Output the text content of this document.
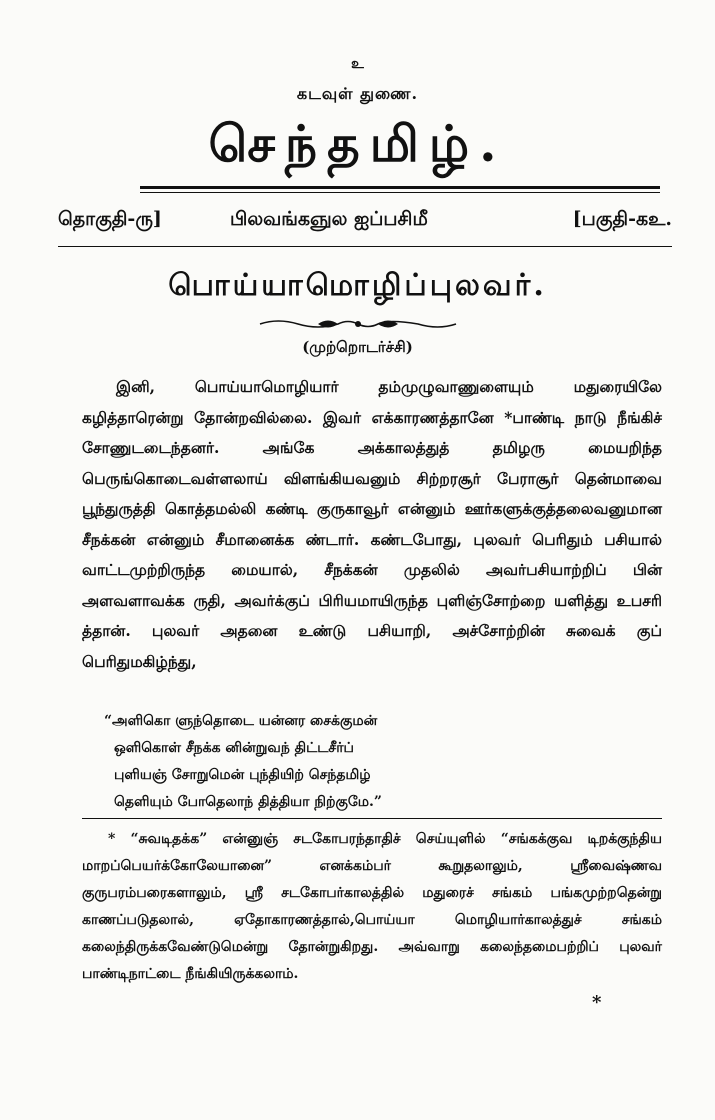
உ
கடவுள் துணை.
செந்தமிழ்.
தொகுதி-ரு]	பிலவங்கஞுல ஐப்பசிமீ	[பகுதி-கஉ.
பொய்யாமொழிப்புலவர்.
(முற்றொடர்ச்சி)

இனி, பொய்யாமொழியார் தம்முழுவாணுளையும் மதுரையிலே கழித்தாரென்று தோன்றவில்லை. இவர் எக்காரணத்தானே *பாண்டி நாடு நீங்கிச் சோணுடடைந்தனர். அங்கே அக்காலத்துத் தமிழரு மையறிந்த பெருங்கொடைவள்ளலாய் விளங்கியவனும் சிற்றரசூர் பேராசூர் தென்மாவை பூந்துருத்தி கொத்தமல்லி கண்டி குருகாவூர் என்னும் ஊர்களுக்குத்தலைவனுமான சீநக்கன் என்னும் சீமானைக்க ண்டார். கண்டபோது, புலவர் பெரிதும் பசியால் வாட்டமுற்றிருந்த மையால், சீநக்கன் முதலில் அவர்பசியாற்றிப் பின் அளவளாவக்க ருதி, அவர்க்குப் பிரியமாயிருந்த புளிஞ்சோற்றை யளித்து உபசரி த்தான். புலவர் அதனை உண்டு பசியாறி, அச்சோற்றின் சுவைக் குப் பெரிதுமகிழ்ந்து,

“அளிகொ ளுந்தொடை யன்னர சைக்குமன்
ஒளிகொள் சீநக்க னின்றுவந் திட்டசீர்ப்
புளியஞ் சோறுமென் புந்தியிற் செந்தமிழ்
தெளியும் போதெலாந் தித்தியா நிற்குமே.”

* “சுவடிதக்க” என்னுஞ் சடகோபரந்தாதிச் செய்யுளில் “சங்கக்குவ டிறக்குந்திய மாறப்பெயர்க்கோலேயானை” எனக்கம்பர் கூறுதலாலும், ஸ்ரீவைஷ்ணவ குருபரம்பரைகளாலும், ஸ்ரீ சடகோபர்காலத்தில் மதுரைச் சங்கம் பங்கமுற்றதென்று காணப்படுதலால், ஏதோகாரணத்தால்,பொய்யா மொழியார்காலத்துச் சங்கம் கலைந்திருக்கவேண்டுமென்று தோன்றுகிறது. அவ்வாறு கலைந்தமைபற்றிப் புலவர் பாண்டிநாட்டை நீங்கியிருக்கலாம்.

*
